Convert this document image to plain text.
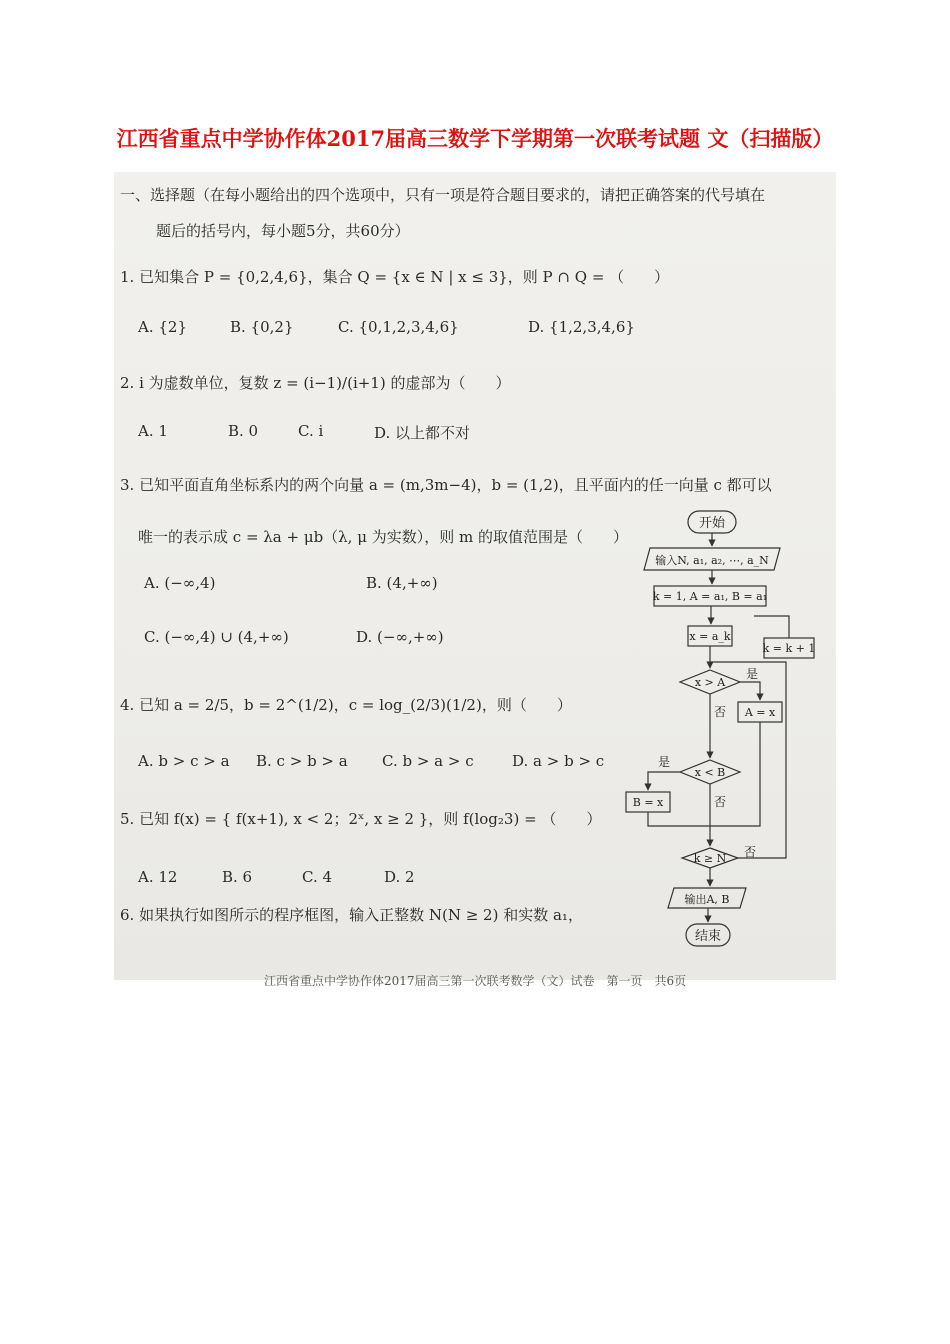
江西省重点中学协作体2017届高三数学下学期第一次联考试题 文（扫描版）
一、选择题（在每小题给出的四个选项中，只有一项是符合题目要求的，请把正确答案的代号填在
题后的括号内，每小题5分，共60分）
1. 已知集合 P = {0,2,4,6}，集合 Q = {x ∈ N | x ≤ 3}，则 P ∩ Q = （　　）
A. {2}	B. {0,2}	C. {0,1,2,3,4,6}	D. {1,2,3,4,6}
2. i 为虚数单位，复数 z = (i−1)/(i+1) 的虚部为（　　）
A. 1	B. 0	C. i	D. 以上都不对
3. 已知平面直角坐标系内的两个向量 a = (m,3m−4)，b = (1,2)，且平面内的任一向量 c 都可以
唯一的表示成 c = λa + μb（λ, μ 为实数），则 m 的取值范围是（　　）
A. (−∞,4)	B. (4,+∞)
C. (−∞,4) ∪ (4,+∞)	D. (−∞,+∞)
4. 已知 a = 2/5，b = 2^(1/2)，c = log_(2/3)(1/2)，则（　　）
A. b > c > a B. c > b > a C. b > a > c	D. a > b > c
5. 已知 f(x) = { f(x+1), x < 2；2ˣ, x ≥ 2 }，则 f(log₂3) = （　　）
A. 12	B. 6	C. 4	D. 2
6. 如果执行如图所示的程序框图，输入正整数 N(N ≥ 2) 和实数 a₁，
江西省重点中学协作体2017届高三第一次联考数学（文）试卷　第一页　共6页
开始
输入N, a₁, a₂, ⋯, a_N
k = 1, A = a₁, B = a₁
x = a_k
x > A
是
否 A = x
x < B
是
否
B = x
k ≥ N 否
k = k + 1
输出A, B
结束
